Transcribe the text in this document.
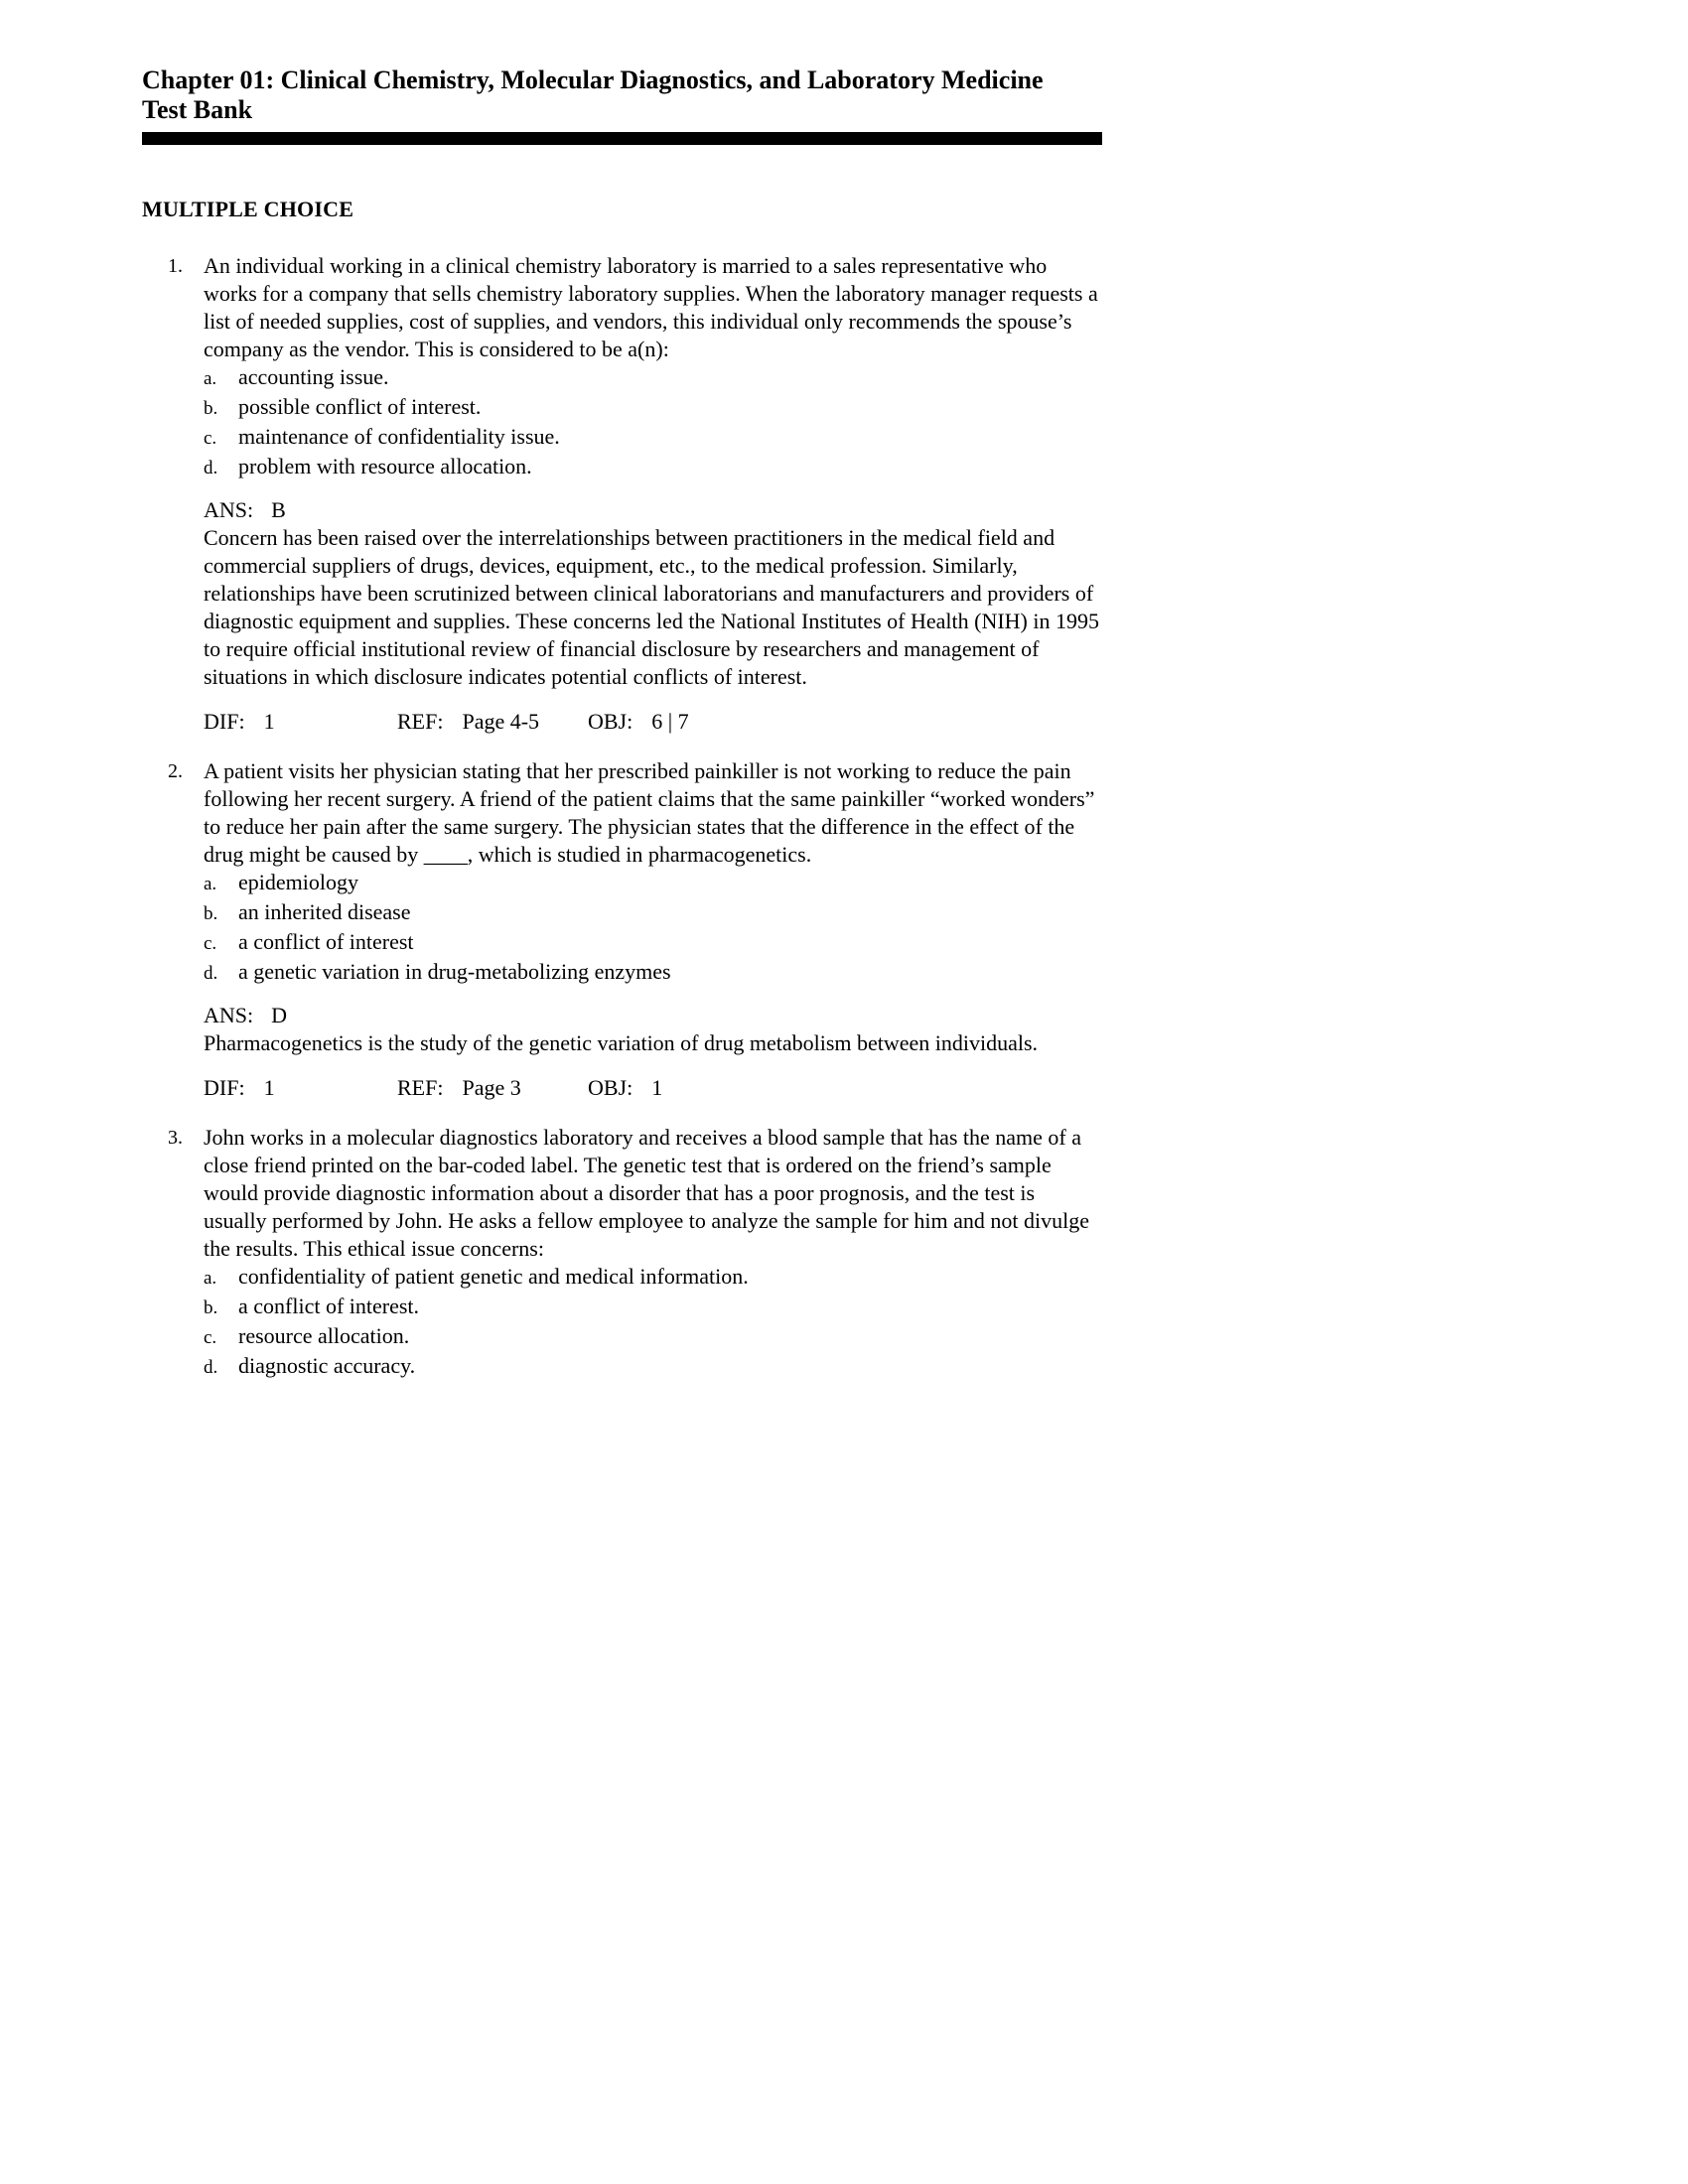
Chapter 01: Clinical Chemistry, Molecular Diagnostics, and Laboratory Medicine
Test Bank
MULTIPLE CHOICE
1. An individual working in a clinical chemistry laboratory is married to a sales representative who works for a company that sells chemistry laboratory supplies. When the laboratory manager requests a list of needed supplies, cost of supplies, and vendors, this individual only recommends the spouse’s company as the vendor. This is considered to be a(n):
a. accounting issue.
b. possible conflict of interest.
c. maintenance of confidentiality issue.
d. problem with resource allocation.
ANS: B
Concern has been raised over the interrelationships between practitioners in the medical field and commercial suppliers of drugs, devices, equipment, etc., to the medical profession. Similarly, relationships have been scrutinized between clinical laboratorians and manufacturers and providers of diagnostic equipment and supplies. These concerns led the National Institutes of Health (NIH) in 1995 to require official institutional review of financial disclosure by researchers and management of situations in which disclosure indicates potential conflicts of interest.
DIF: 1	REF: Page 4-5	OBJ: 6 | 7
2. A patient visits her physician stating that her prescribed painkiller is not working to reduce the pain following her recent surgery. A friend of the patient claims that the same painkiller “worked wonders” to reduce her pain after the same surgery. The physician states that the difference in the effect of the drug might be caused by ____, which is studied in pharmacogenetics.
a. epidemiology
b. an inherited disease
c. a conflict of interest
d. a genetic variation in drug-metabolizing enzymes
ANS: D
Pharmacogenetics is the study of the genetic variation of drug metabolism between individuals.
DIF: 1	REF: Page 3	OBJ: 1
3. John works in a molecular diagnostics laboratory and receives a blood sample that has the name of a close friend printed on the bar-coded label. The genetic test that is ordered on the friend’s sample would provide diagnostic information about a disorder that has a poor prognosis, and the test is usually performed by John. He asks a fellow employee to analyze the sample for him and not divulge the results. This ethical issue concerns:
a. confidentiality of patient genetic and medical information.
b. a conflict of interest.
c. resource allocation.
d. diagnostic accuracy.
